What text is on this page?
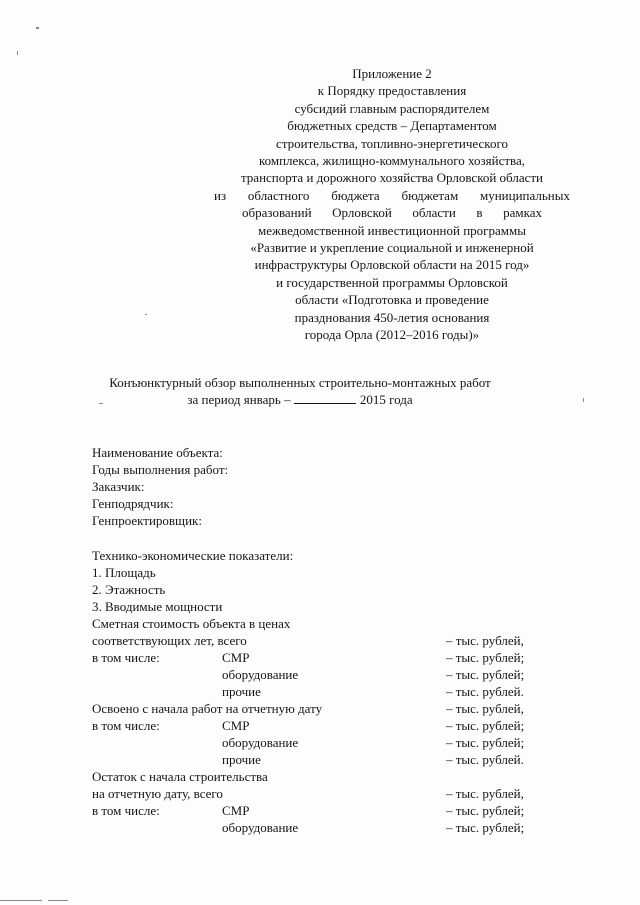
Приложение 2
к Порядку предоставления
субсидий главным распорядителем
бюджетных средств – Департаментом
строительства, топливно-энергетического
комплекса, жилищно-коммунального хозяйства,
транспорта и дорожного хозяйства Орловской области
из областного бюджета бюджетам муниципальных
образований Орловской области в рамках
межведомственной инвестиционной программы
«Развитие и укрепление социальной и инженерной
инфраструктуры Орловской области на 2015 год»
и государственной программы Орловской
области «Подготовка и проведение
празднования 450-летия основания
города Орла (2012–2016 годы)»
Конъюнктурный обзор выполненных строительно-монтажных работ
за период январь –	2015 года
Наименование объекта:
Годы выполнения работ:
Заказчик:
Генподрядчик:
Генпроектировщик:
Технико-экономические показатели:
1. Площадь
2. Этажность
3. Вводимые мощности
Сметная стоимость объекта в ценах
соответствующих лет, всего	– тыс. рублей,
в том числе:	СМР	– тыс. рублей;
оборудование	– тыс. рублей;
прочие	– тыс. рублей.
Освоено с начала работ на отчетную дату	– тыс. рублей,
в том числе:	СМР	– тыс. рублей;
оборудование	– тыс. рублей;
прочие	– тыс. рублей.
Остаток с начала строительства
на отчетную дату, всего	– тыс. рублей,
в том числе:	СМР	– тыс. рублей;
оборудование	– тыс. рублей;
